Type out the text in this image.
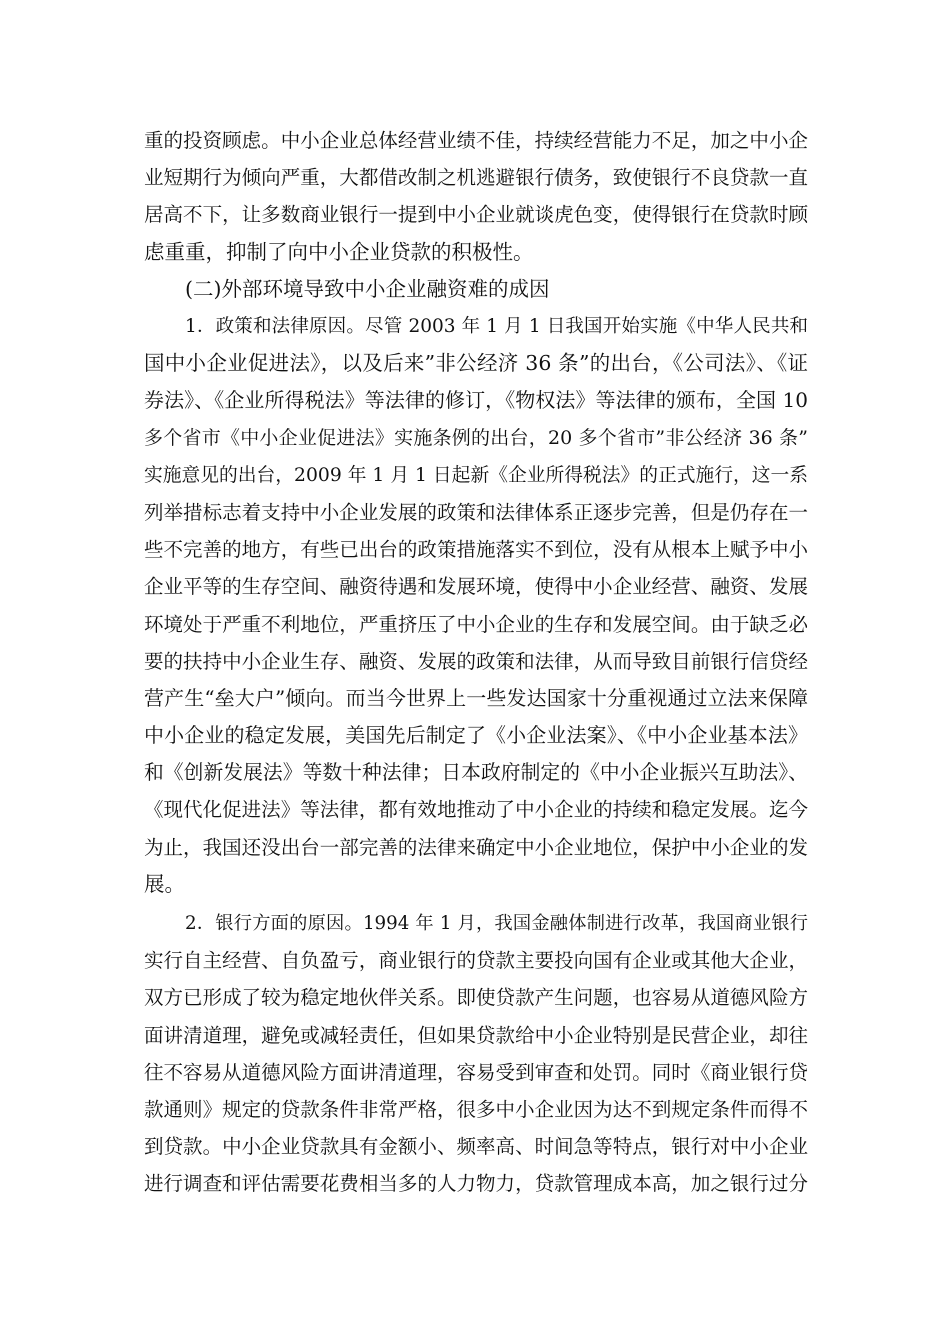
重的投资顾虑。中小企业总体经营业绩不佳，持续经营能力不足，加之中小企
业短期行为倾向严重，大都借改制之机逃避银行债务，致使银行不良贷款一直
居高不下，让多数商业银行一提到中小企业就谈虎色变，使得银行在贷款时顾
虑重重，抑制了向中小企业贷款的积极性。
(二)外部环境导致中小企业融资难的成因
1．政策和法律原因。尽管 2003 年 1 月 1 日我国开始实施《中华人民共和
国中小企业促进法》，以及后来”非公经济 36 条”的出台，《公司法》、《证
券法》、《企业所得税法》等法律的修订，《物权法》等法律的颁布，全国 10
多个省市《中小企业促进法》实施条例的出台，20 多个省市”非公经济 36 条”
实施意见的出台，2009 年 1 月 1 日起新《企业所得税法》的正式施行，这一系
列举措标志着支持中小企业发展的政策和法律体系正逐步完善，但是仍存在一
些不完善的地方，有些已出台的政策措施落实不到位，没有从根本上赋予中小
企业平等的生存空间、融资待遇和发展环境，使得中小企业经营、融资、发展
环境处于严重不利地位，严重挤压了中小企业的生存和发展空间。由于缺乏必
要的扶持中小企业生存、融资、发展的政策和法律，从而导致目前银行信贷经
营产生“垒大户”倾向。而当今世界上一些发达国家十分重视通过立法来保障
中小企业的稳定发展，美国先后制定了《小企业法案》、《中小企业基本法》
和《创新发展法》等数十种法律；日本政府制定的《中小企业振兴互助法》、
《现代化促进法》等法律，都有效地推动了中小企业的持续和稳定发展。迄今
为止，我国还没出台一部完善的法律来确定中小企业地位，保护中小企业的发
展。
2．银行方面的原因。1994 年 1 月，我国金融体制进行改革，我国商业银行
实行自主经营、自负盈亏，商业银行的贷款主要投向国有企业或其他大企业，
双方已形成了较为稳定地伙伴关系。即使贷款产生问题，也容易从道德风险方
面讲清道理，避免或减轻责任，但如果贷款给中小企业特别是民营企业，却往
往不容易从道德风险方面讲清道理，容易受到审查和处罚。同时《商业银行贷
款通则》规定的贷款条件非常严格，很多中小企业因为达不到规定条件而得不
到贷款。中小企业贷款具有金额小、频率高、时间急等特点，银行对中小企业
进行调查和评估需要花费相当多的人力物力，贷款管理成本高，加之银行过分
